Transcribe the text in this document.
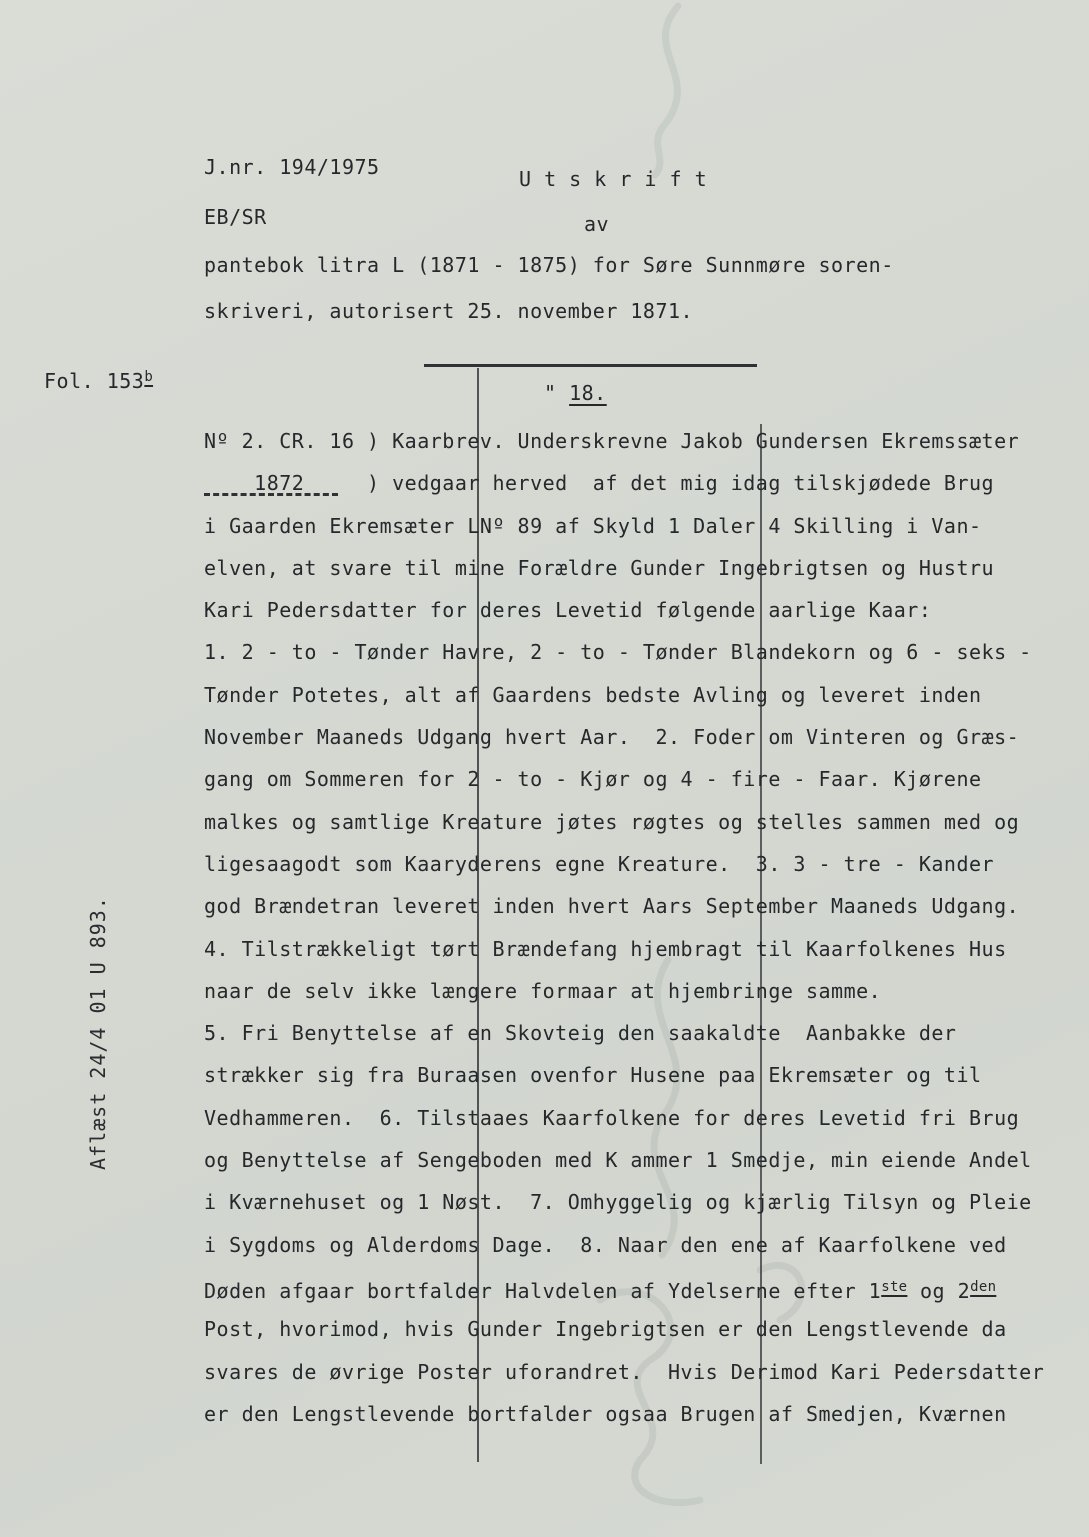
J.nr. 194/1975	U t s k r i f t
EB/SR	av
pantebok litra L (1871 - 1875) for Søre Sunnmøre soren-
skriveri, autorisert 25. november 1871.
Fol. 153$^b$
" 18.
Aflæst 24/4 01 U 893.
Nº 2. CR. 16 ) Kaarbrev. Underskrevne Jakob Gundersen Ekremssæter
1872     ) vedgaar herved  af det mig idag tilskjødede Brug
i Gaarden Ekremsæter LNº 89 af Skyld 1 Daler 4 Skilling i Van-
elven, at svare til mine Forældre Gunder Ingebrigtsen og Hustru
Kari Pedersdatter for deres Levetid følgende aarlige Kaar:
1. 2 - to - Tønder Havre, 2 - to - Tønder Blandekorn og 6 - seks -
Tønder Potetes, alt af Gaardens bedste Avling og leveret inden
November Maaneds Udgang hvert Aar.  2. Foder om Vinteren og Græs-
gang om Sommeren for 2 - to - Kjør og 4 - fire - Faar. Kjørene
malkes og samtlige Kreature jøtes røgtes og stelles sammen med og
ligesaagodt som Kaaryderens egne Kreature.  3. 3 - tre - Kander
god Brændetran leveret inden hvert Aars September Maaneds Udgang.
4. Tilstrækkeligt tørt Brændefang hjembragt til Kaarfolkenes Hus
naar de selv ikke længere formaar at hjembringe samme.
5. Fri Benyttelse af en Skovteig den saakaldte  Aanbakke der
strækker sig fra Buraasen ovenfor Husene paa Ekremsæter og til
Vedhammeren.  6. Tilstaaes Kaarfolkene for deres Levetid fri Brug
og Benyttelse af Sengeboden med K ammer 1 Smedje, min eiende Andel
i Kværnehuset og 1 Nøst.  7. Omhyggelig og kjærlig Tilsyn og Pleie
i Sygdoms og Alderdoms Dage.  8. Naar den ene af Kaarfolkene ved
Døden afgaar bortfalder Halvdelen af Ydelserne efter 1ste og $2^{den}$
Post, hvorimod, hvis Gunder Ingebrigtsen er den Lengstlevende da
svares de øvrige Poster uforandret.  Hvis Derimod Kari Pedersdatter
er den Lengstlevende bortfalder ogsaa Brugen af Smedjen, Kværnen
